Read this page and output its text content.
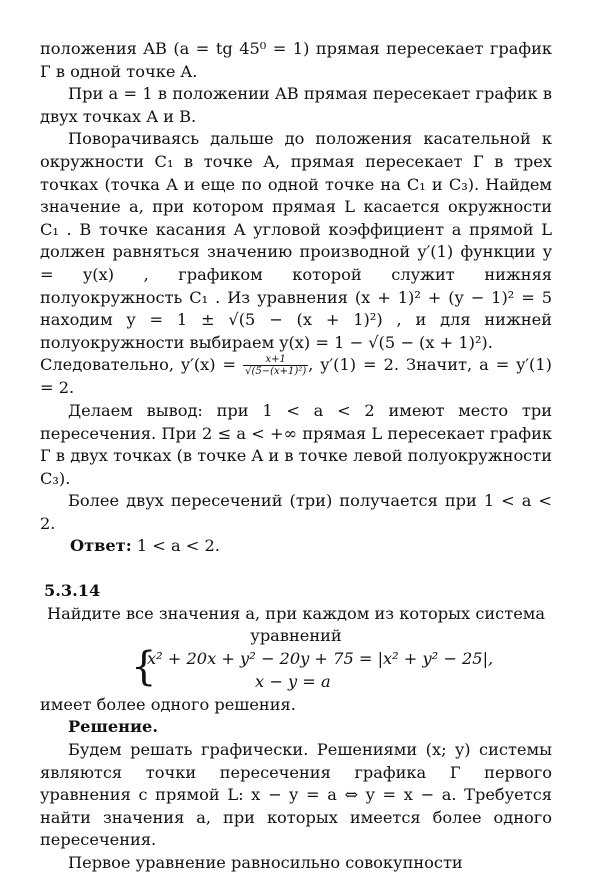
положения AB (a = tg 45⁰ = 1) прямая пересекает график Г в одной точке A.

При a = 1 в положении AB прямая пересекает график в двух точках A и B.

Поворачиваясь дальше до положения касательной к окружности C₁ в точке A, прямая пересекает Г в трех точках (точка A и еще по одной точке на C₁ и C₃). Найдем значение a, при котором прямая L касается окружности C₁ . В точке касания A угловой коэффициент a прямой L должен равняться значению производной y′(1) функции y = y(x) , графиком которой служит нижняя полуокружность C₁ . Из уравнения (x + 1)² + (y − 1)² = 5 находим y = 1 ± √(5 − (x + 1)²) , и для нижней полуокружности выбираем y(x) = 1 − √(5 − (x + 1)²).

Следовательно, $y'(x) = \frac{x+1}{\text{√(5−(x+1)²)}}$ , y′(1) = 2. Значит, a = y′(1) = 2.

Делаем вывод: при 1 < a < 2 имеют место три пересечения. При 2 ≤ a < +∞ прямая L пересекает график Г в двух точках (в точке A и в точке левой полуокружности C₃).

Более двух пересечений (три) получается при 1 < a < 2.

Ответ: 1 < a < 2.

5.3.14

Найдите все значения a, при каждом из которых система

уравнений

{
x² + 20x + y² − 20y + 75 = |x² + y² − 25|,
x − y = a

имеет более одного решения.

Решение.

Будем решать графически. Решениями (x; y) системы являются точки пересечения графика Г первого уравнения с прямой L: x − y = a ⇔ y = x − a. Требуется найти значения a, при которых имеется более одного пересечения.

Первое уравнение равносильно совокупности
